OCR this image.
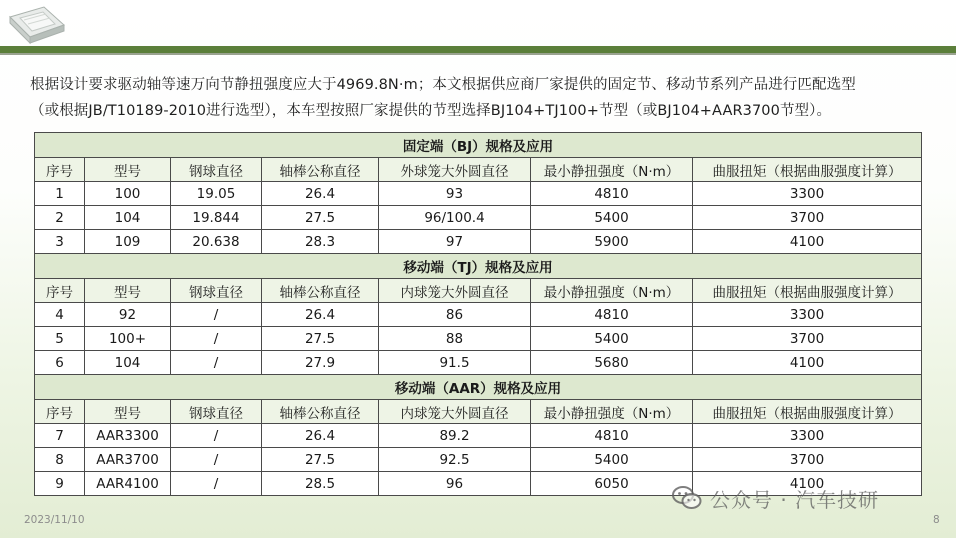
根据设计要求驱动轴等速万向节静扭强度应大于4969.8N·m；本文根据供应商厂家提供的固定节、移动节系列产品进行匹配选型

（或根据JB/T10189-2010进行选型），本车型按照厂家提供的节型选择BJ104+TJ100+节型（或BJ104+AAR3700节型）。

固定端（BJ）规格及应用						
序号	型号	钢球直径	轴棒公称直径	外球笼大外圆直径	最小静扭强度（N·m）	曲服扭矩（根据曲服强度计算）
1	100	19.05	26.4	93	4810	3300
2	104	19.844	27.5	96/100.4	5400	3700
3	109	20.638	28.3	97	5900	4100
移动端（TJ）规格及应用						
序号	型号	钢球直径	轴棒公称直径	内球笼大外圆直径	最小静扭强度（N·m）	曲服扭矩（根据曲服强度计算）
4	92	/	26.4	86	4810	3300
5	100+	/	27.5	88	5400	3700
6	104	/	27.9	91.5	5680	4100
移动端（AAR）规格及应用						
序号	型号	钢球直径	轴棒公称直径	内球笼大外圆直径	最小静扭强度（N·m）	曲服扭矩（根据曲服强度计算）
7	AAR3300	/	26.4	89.2	4810	3300
8	AAR3700	/	27.5	92.5	5400	3700
9	AAR4100	/	28.5	96	6050	4100
公众号 · 汽车技研
2023/11/10	8
